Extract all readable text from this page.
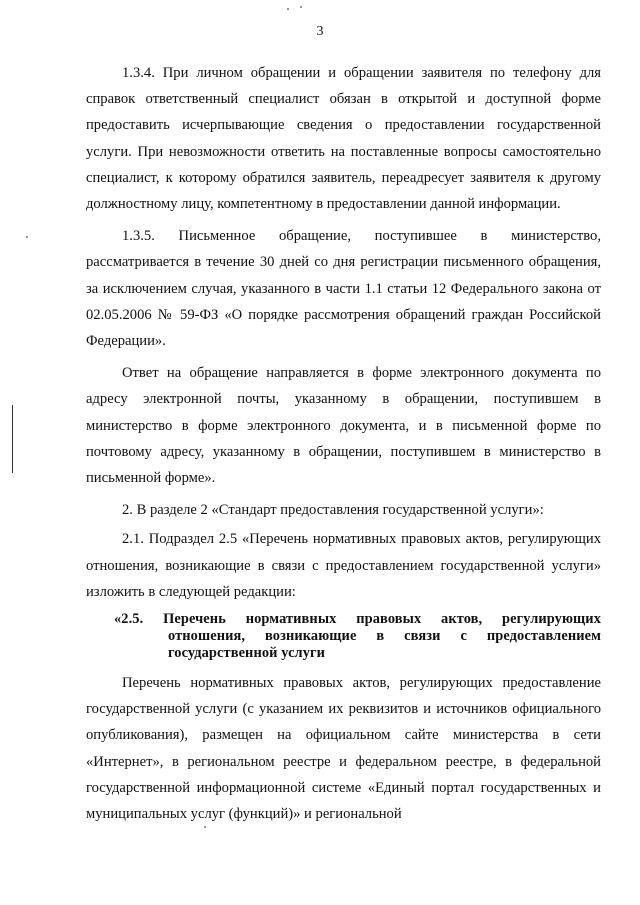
3

1.3.4. При личном обращении и обращении заявителя по телефону для справок ответственный специалист обязан в открытой и доступной форме предоставить исчерпывающие сведения о предоставлении государственной услуги. При невозможности ответить на поставленные вопросы самостоятельно специалист, к которому обратился заявитель, переадресует заявителя к другому должностному лицу, компетентному в предоставлении данной информации.

1.3.5. Письменное обращение, поступившее в министерство, рассматривается в течение 30 дней со дня регистрации письменного обращения, за исключением случая, указанного в части 1.1 статьи 12 Федерального закона от 02.05.2006 № 59-ФЗ «О порядке рассмотрения обращений граждан Российской Федерации».

Ответ на обращение направляется в форме электронного документа по адресу электронной почты, указанному в обращении, поступившем в министерство в форме электронного документа, и в письменной форме по почтовому адресу, указанному в обращении, поступившем в министерство в письменной форме».

2. В разделе 2 «Стандарт предоставления государственной услуги»:

2.1. Подраздел 2.5 «Перечень нормативных правовых актов, регулирующих отношения, возникающие в связи с предоставлением государственной услуги» изложить в следующей редакции:

«2.5. Перечень нормативных правовых актов, регулирующих отношения, возникающие в связи с предоставлением государственной услуги

Перечень нормативных правовых актов, регулирующих предоставление государственной услуги (с указанием их реквизитов и источников официального опубликования), размещен на официальном сайте министерства в сети «Интернет», в региональном реестре и федеральном реестре, в федеральной государственной информационной системе «Единый портал государственных и муниципальных услуг (функций)» и региональной
